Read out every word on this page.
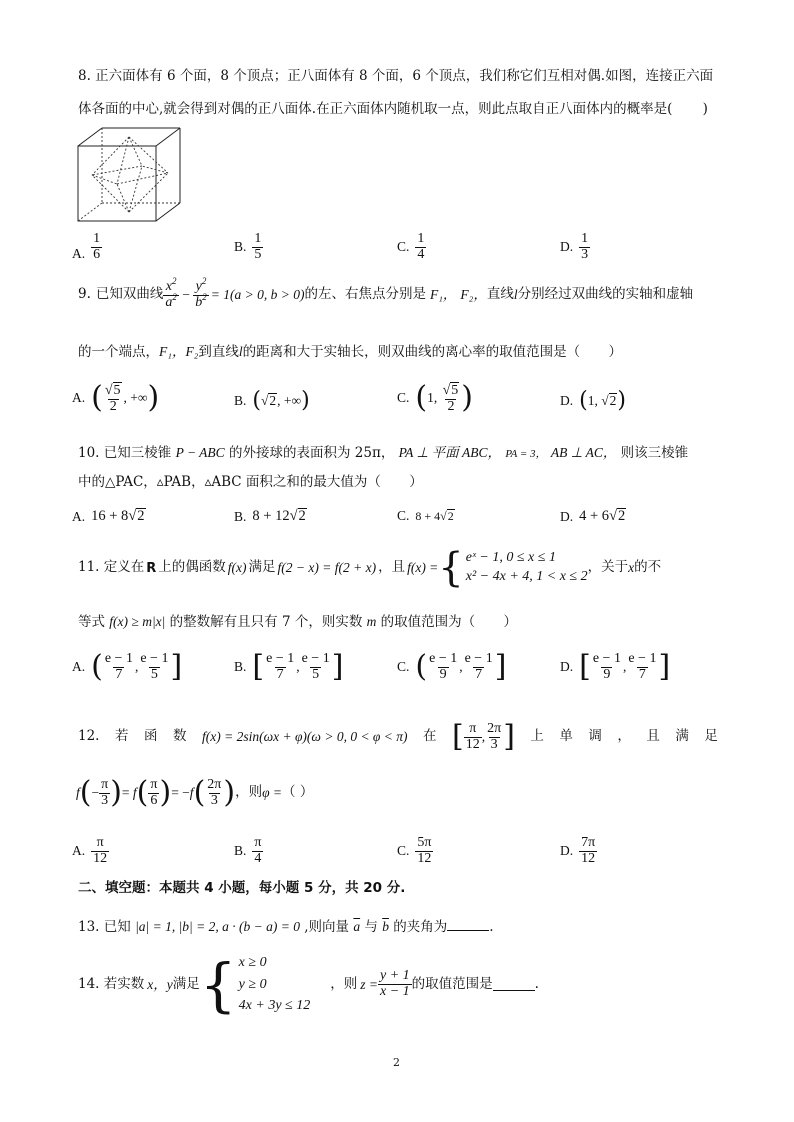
8. 正六面体有 6 个面，8 个顶点；正八面体有 8 个面，6 个顶点，我们称它们互相对偶.如图，连接正六面
体各面的中心,就会得到对偶的正八面体.在正六面体内随机取一点，则此点取自正八面体内的概率是( )
A.
1
6	B.
1
5	C.
1
4	D.
1
3
9. 已知双曲线 $x^2$
$a^2 - \frac{y^2}{b^2} = 1(a > 0$, b > 0) 的左、右焦点分别是 F₁， F₂， 直线 l 分别经过双曲线的实轴和虚轴
的一个端点，F₁，F₂到直线l的距离和大于实轴长，则双曲线的离心率的取值范围是（ ）
A. ( √5
2
, +∞ )	B. ( √2, +∞ )	C. ( 1, √5
2 )	D. ( 1, √2 )
10. 已知三棱锥 P − ABC 的外接球的表面积为 25π， PA ⊥ 平面 ABC， PA = 3， AB ⊥ AC， 则该三棱锥
中的△PAC，▵PAB，▵ABC 面积之和的最大值为（ ）
A. 16 + 8√2	B. 8 + 12√2	C. 8 + 4√2	D. 4 + 6√2
11. 定义在 R 上的偶函数 f(x) 满足 f(2 − x) = f(2 + x) ，且 f(x) = { eˣ − 1, 0 ≤ x ≤ 1
x² − 4x + 4, 1 < x ≤ 2
，关于 x 的不
等式 f(x) ≥ m|x| 的整数解有且只有 7 个，则实数 m 的取值范围为（ ）
A. ( e − 1
7 ,
e − 1
5 ]	B. [ e − 1
7 ,
e − 1
5 ]	C. ( e − 1
9 ,
e − 1
7 ]	D. [ e − 1
9 ,
e − 1
7 ]
12. 若 函 数 f(x) = 2sin(ωx + φ)(ω > 0, 0 < φ < π) 在 [ π
12 ,
2π
3 ] 上 单 调 ， 且 满 足
f ( − $\frac{\pi}{3}$ ) = f ( π
6 ) = − f ( 2π
3 ) ，则 φ = （ ）
A.
π
12	B.
π
4	C.
5π
12	D.
7π
12
二、填空题：本题共 4 小题，每小题 5 分，共 20 分.
13. 已知 |a| = 1, |b| = 2, a · (b − a) = 0 ,则向量 $\overline{a}$ 与 $\overline{b}$ 的夹角为	.
14. 若实数 x， y 满足 { x ≥ 0
y ≥ 0
4x + 3y ≤ 12
，则 $z = \frac{y + 1}{x - 1}$ 的取值范围是	.
2
